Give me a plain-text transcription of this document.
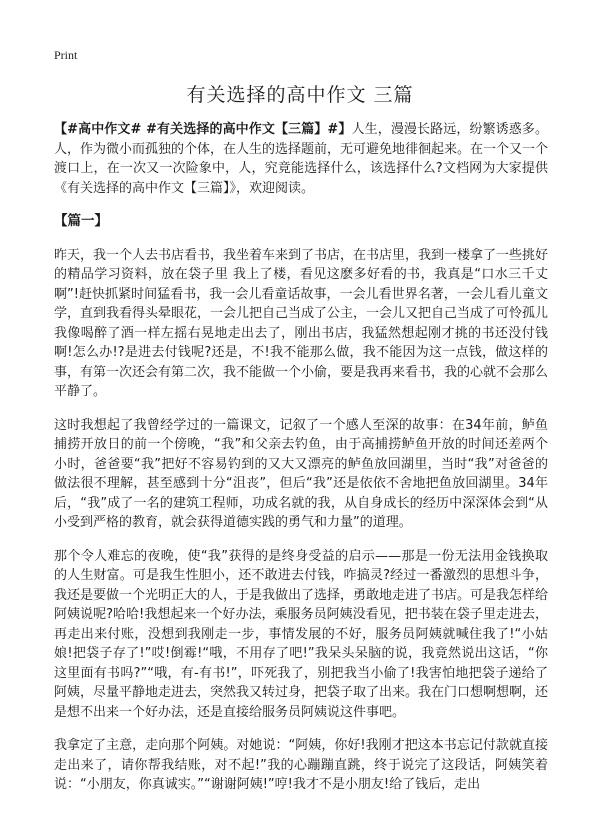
Print
有关选择的高中作文 三篇

【#高中作文# #有关选择的高中作文【三篇】#】人生，漫漫长路远，纷繁诱惑多。人，作为微小而孤独的个体，在人生的选择题前，无可避免地徘徊起来。在一个又一个渡口上，在一次又一次险象中，人，究竟能选择什么，该选择什么?文档网为大家提供《有关选择的高中作文【三篇】》，欢迎阅读。

【篇一】

昨天，我一个人去书店看书，我坐着车来到了书店，在书店里，我到一楼拿了一些挑好的精品学习资料，放在袋子里 我上了楼，看见这麽多好看的书，我真是“口水三千丈啊”!赶快抓紧时间猛看书，我一会儿看童话故事，一会儿看世界名著，一会儿看儿童文学，直到我看得头晕眼花，一会儿把自己当成了公主，一会儿又把自己当成了可怜孤儿我像喝醉了酒一样左摇右晃地走出去了，刚出书店，我猛然想起刚才挑的书还没付钱啊!怎么办!?是进去付钱呢?还是，不!我不能那么做，我不能因为这一点钱，做这样的事，有第一次还会有第二次，我不能做一个小偷，要是我再来看书，我的心就不会那么平静了。

这时我想起了我曾经学过的一篇课文，记叙了一个感人至深的故事：在34年前，鲈鱼捕捞开放日的前一个傍晚，“我”和父亲去钓鱼，由于高捕捞鲈鱼开放的时间还差两个小时，爸爸要“我”把好不容易钓到的又大又漂亮的鲈鱼放回湖里，当时“我”对爸爸的做法很不理解，甚至感到十分“沮丧”，但后“我”还是依依不舍地把鱼放回湖里。34年后，“我”成了一名的建筑工程师，功成名就的我，从自身成长的经历中深深体会到“从小受到严格的教育，就会获得道德实践的勇气和力量”的道理。

那个令人难忘的夜晚，使“我”获得的是终身受益的启示——那是一份无法用金钱换取的人生财富。可是我生性胆小，还不敢进去付钱，咋搞灵?经过一番激烈的思想斗争，我还是要做一个光明正大的人，于是我做出了选择，勇敢地走进了书店。可是我怎样给阿姨说呢?哈哈!我想起来一个好办法，乘服务员阿姨没看见，把书装在袋子里走进去，再走出来付账，没想到我刚走一步，事情发展的不好，服务员阿姨就喊住我了!“小姑娘!把袋子存了!”哎!倒霉!“哦，不用存了吧!”我呆头呆脑的说，我竟然说出这话，“你这里面有书吗?”“哦，有-有书!”，吓死我了，别把我当小偷了!我害怕地把袋子递给了阿姨，尽量平静地走进去，突然我又转过身，把袋子取了出来。我在门口想啊想啊，还是想不出来一个好办法，还是直接给服务员阿姨说这件事吧。

我拿定了主意，走向那个阿姨。对她说：“阿姨，你好!我刚才把这本书忘记付款就直接走出来了，请你帮我结账，对不起!”我的心蹦蹦直跳，终于说完了这段话，阿姨笑着说：“小朋友，你真诚实。”“谢谢阿姨!”哼!我才不是小朋友!给了钱后，走出
